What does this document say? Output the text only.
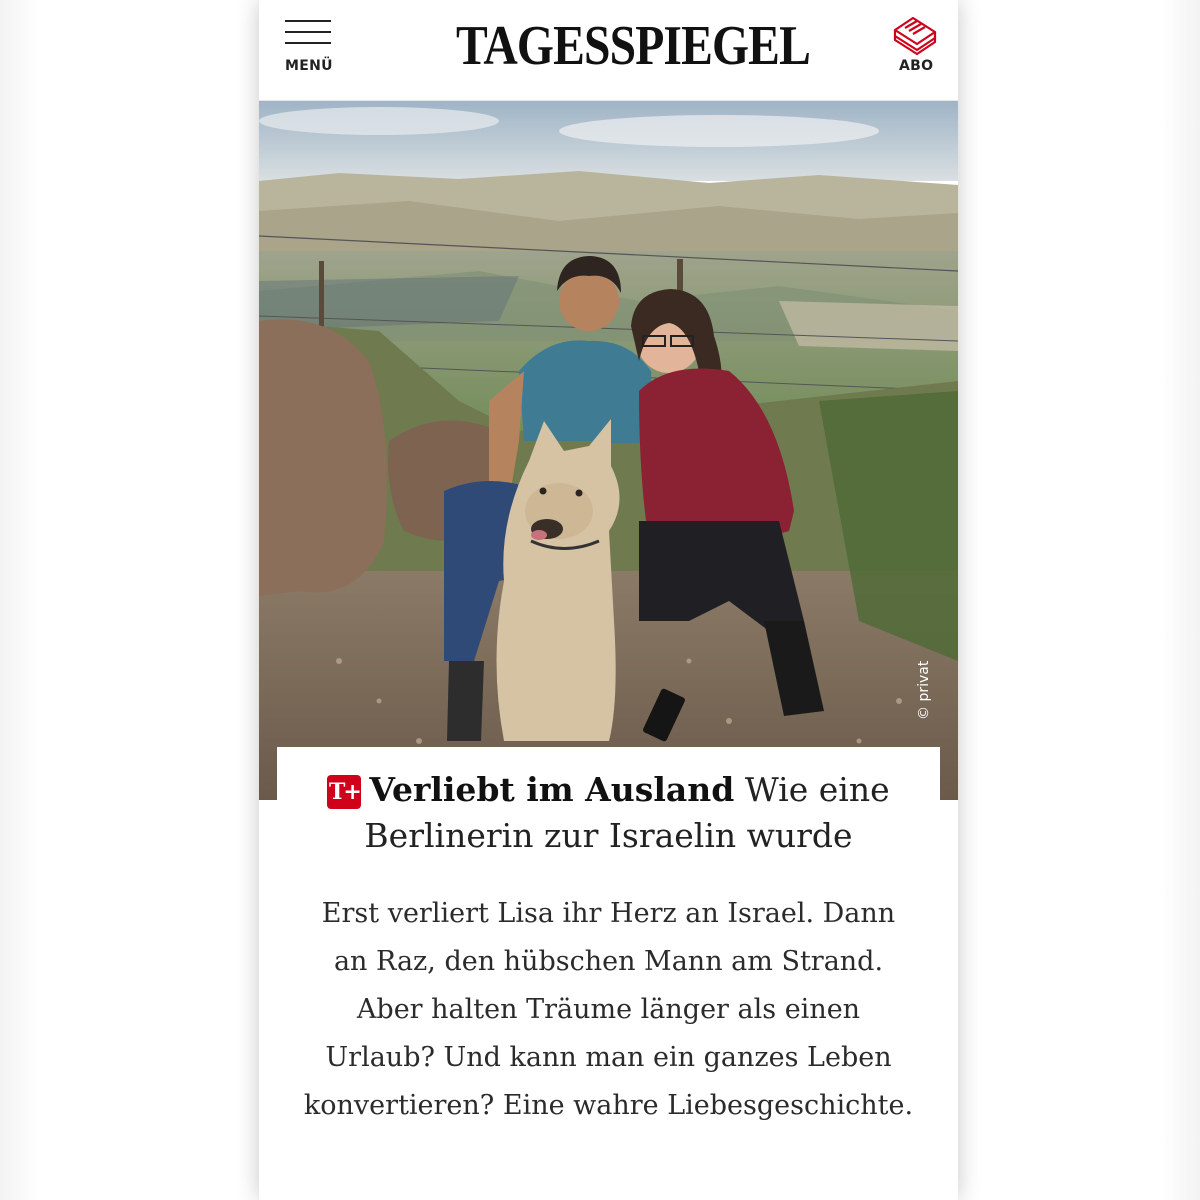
MENÜ TAGESSPIEGEL	ABO
© privat
T+ Verliebt im Ausland Wie eine Berlinerin zur Israelin wurde
Erst verliert Lisa ihr Herz an Israel. Dann an Raz, den hübschen Mann am Strand. Aber halten Träume länger als einen Urlaub? Und kann man ein ganzes Leben konvertieren? Eine wahre Liebesgeschichte.
